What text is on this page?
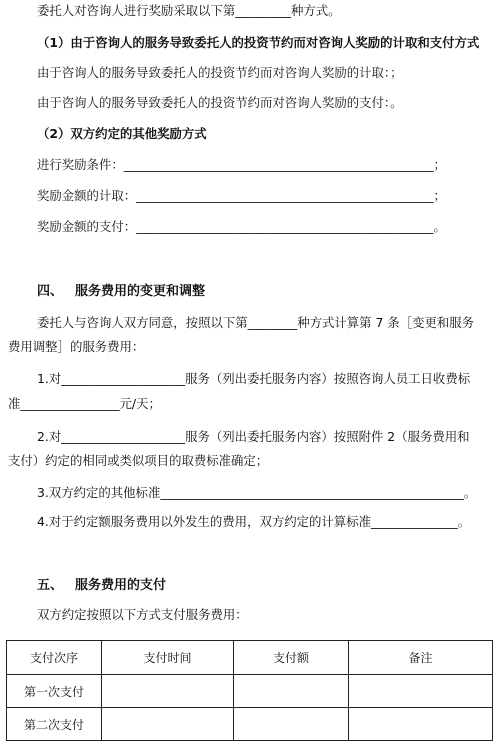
委托人对咨询人进行奖励采取以下第_________种方式。
（1）由于咨询人的服务导致委托人的投资节约而对咨询人奖励的计取和支付方式
由于咨询人的服务导致委托人的投资节约而对咨询人奖励的计取：；
由于咨询人的服务导致委托人的投资节约而对咨询人奖励的支付：。
（2）双方约定的其他奖励方式
进行奖励条件：__________________________________________________；
奖励金额的计取：________________________________________________；
奖励金额的支付：________________________________________________。
四、 服务费用的变更和调整
委托人与咨询人双方同意，按照以下第________种方式计算第 7 条［变更和服务
费用调整］的服务费用：
1.对____________________服务（列出委托服务内容）按照咨询人员工日收费标
准________________元/天；
2.对____________________服务（列出委托服务内容）按照附件 2（服务费用和
支付）约定的相同或类似项目的取费标准确定；
3.双方约定的其他标准_________________________________________________。
4.对于约定额服务费用以外发生的费用，双方约定的计算标准______________。
五、 服务费用的支付
双方约定按照以下方式支付服务费用：
支付次序	支付时间	支付额	备注
第一次支付			
第二次支付			
